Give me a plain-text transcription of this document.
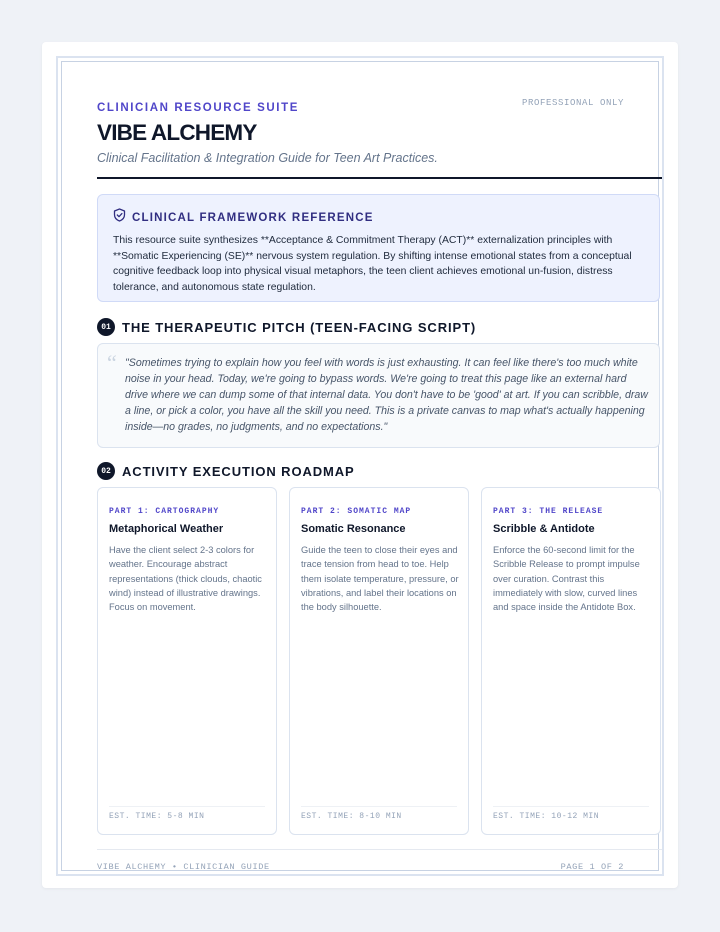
CLINICIAN RESOURCE SUITE	PROFESSIONAL ONLY
VIBE ALCHEMY
Clinical Facilitation & Integration Guide for Teen Art Practices.
CLINICAL FRAMEWORK REFERENCE
This resource suite synthesizes **Acceptance & Commitment Therapy (ACT)** externalization principles with **Somatic Experiencing (SE)** nervous system regulation. By shifting intense emotional states from a conceptual cognitive feedback loop into physical visual metaphors, the teen client achieves emotional un-fusion, distress tolerance, and autonomous state regulation.
01 THE THERAPEUTIC PITCH (TEEN-FACING SCRIPT)
“ "Sometimes trying to explain how you feel with words is just exhausting. It can feel like there's too much white noise in your head. Today, we're going to bypass words. We're going to treat this page like an external hard drive where we can dump some of that internal data. You don't have to be 'good' at art. If you can scribble, draw a line, or pick a color, you have all the skill you need. This is a private canvas to map what's actually happening inside—no grades, no judgments, and no expectations."
02 ACTIVITY EXECUTION ROADMAP
PART 1: CARTOGRAPHY
Metaphorical Weather
Have the client select 2-3 colors for weather. Encourage abstract representations (thick clouds, chaotic wind) instead of illustrative drawings. Focus on movement.
EST. TIME: 5-8 MIN
PART 2: SOMATIC MAP
Somatic Resonance
Guide the teen to close their eyes and trace tension from head to toe. Help them isolate temperature, pressure, or vibrations, and label their locations on the body silhouette.
EST. TIME: 8-10 MIN
PART 3: THE RELEASE
Scribble & Antidote
Enforce the 60-second limit for the Scribble Release to prompt impulse over curation. Contrast this immediately with slow, curved lines and space inside the Antidote Box.
EST. TIME: 10-12 MIN
VIBE ALCHEMY • CLINICIAN GUIDE	PAGE 1 OF 2
